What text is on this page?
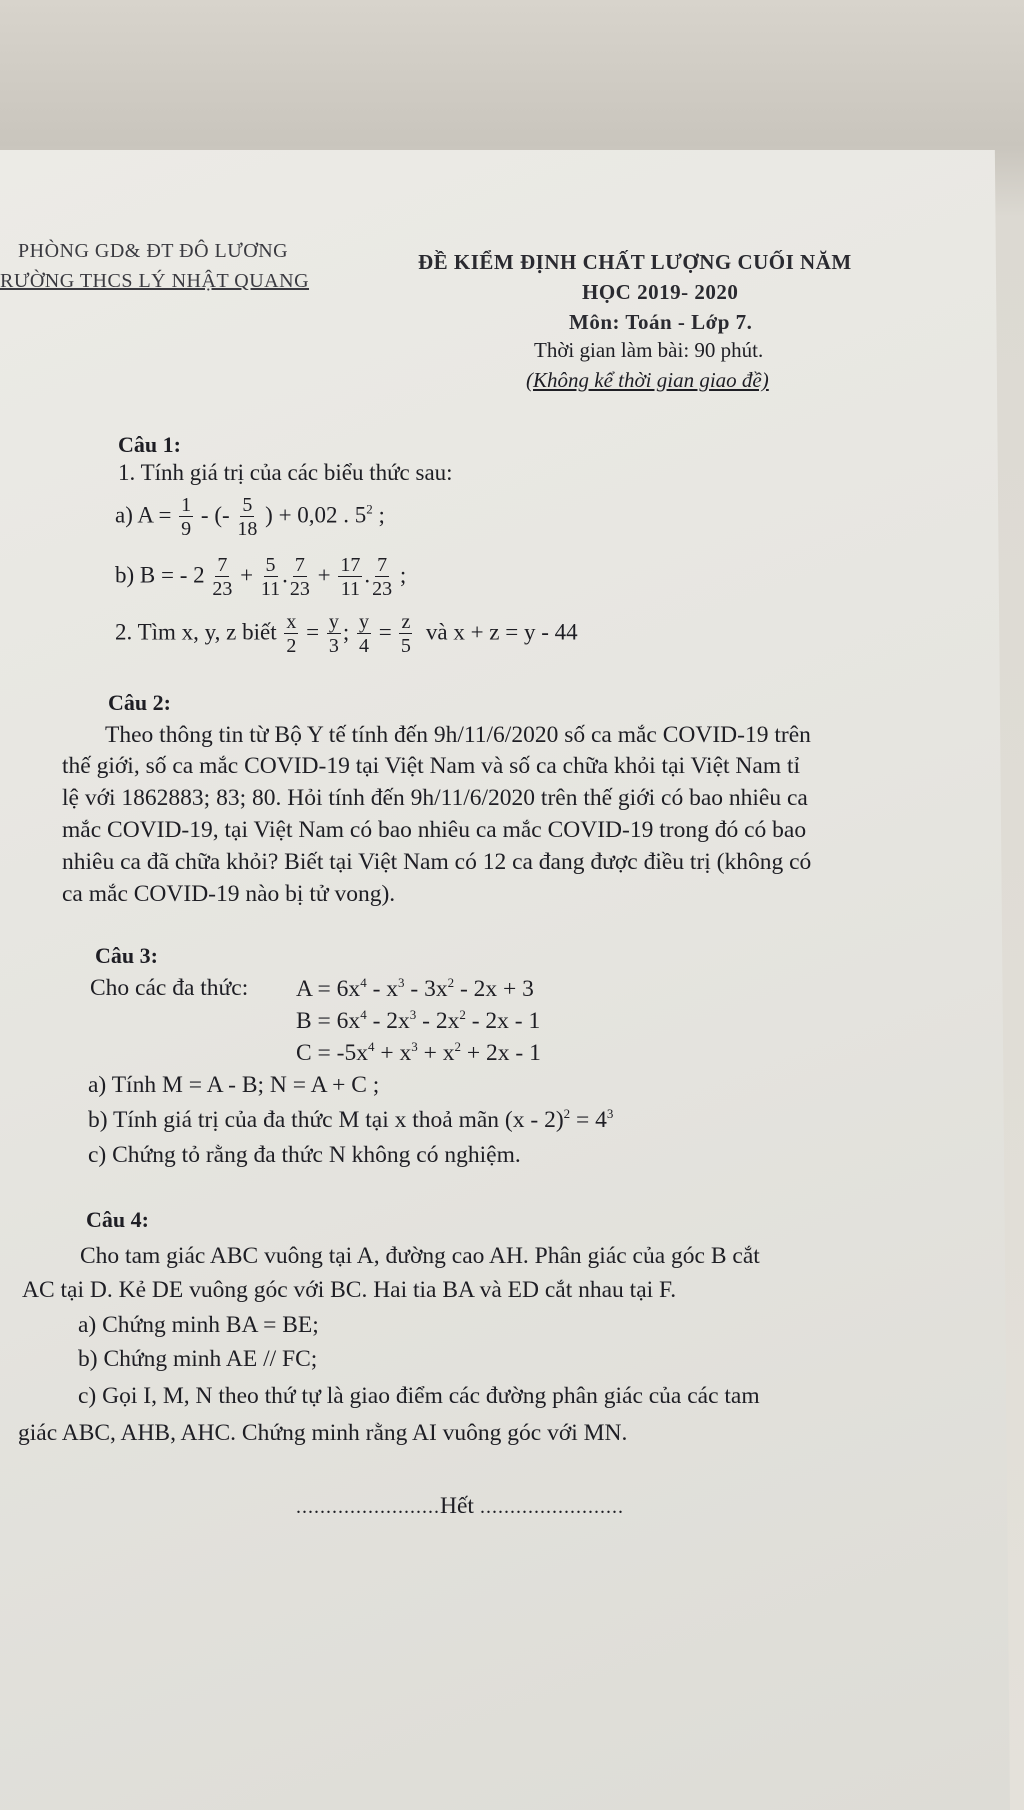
PHÒNG GD& ĐT ĐÔ LƯƠNG
RƯỜNG THCS LÝ NHẬT QUANG
ĐỀ KIỂM ĐỊNH CHẤT LƯỢNG CUỐI NĂM
HỌC 2019- 2020
Môn: Toán - Lớp 7.
Thời gian làm bài: 90 phút.
(Không kể thời gian giao đề)
Câu 1:
1. Tính giá trị của các biểu thức sau:
a) $A = \frac{1}{9}$ - (- $\frac{5}{18}$ ) + 0,02 . $5^2$ ;
b) B = - $2 \frac{7}{23} + \frac{5}{11}$ . $\frac{7}{23} + \frac{17}{11}$ . $\frac{7}{23}$ ;
2. Tìm x, y, z biết $\frac{x}{2} = \frac{y}{3}$ ; $\frac{y}{4} = \frac{z}{5}$ và x + z = y - 44
Câu 2:
Theo thông tin từ Bộ Y tế tính đến 9h/11/6/2020 số ca mắc COVID-19 trên
thế giới, số ca mắc COVID-19 tại Việt Nam và số ca chữa khỏi tại Việt Nam tỉ
lệ với 1862883; 83; 80. Hỏi tính đến 9h/11/6/2020 trên thế giới có bao nhiêu ca
mắc COVID-19, tại Việt Nam có bao nhiêu ca mắc COVID-19 trong đó có bao
nhiêu ca đã chữa khỏi? Biết tại Việt Nam có 12 ca đang được điều trị (không có
ca mắc COVID-19 nào bị tử vong).
Câu 3:
Cho các đa thức: $A = 6x^4 - x^3 - 3x^2 - 2x + 3$
$B = 6x^4 - 2x^3 - 2x^2 - 2x - 1$
$C = -5x^4 + x^3 + x^2 + 2x - 1$
a) Tính M = A - B; N = A + C ;
b) Tính giá trị của đa thức M tại x thoả mãn $(x - 2)^2 = 4^3$
c) Chứng tỏ rằng đa thức N không có nghiệm.
Câu 4:
Cho tam giác ABC vuông tại A, đường cao AH. Phân giác của góc B cắt
AC tại D. Kẻ DE vuông góc với BC. Hai tia BA và ED cắt nhau tại F.
a) Chứng minh BA = BE;
b) Chứng minh AE // FC;
c) Gọi I, M, N theo thứ tự là giao điểm các đường phân giác của các tam
giác ABC, AHB, AHC. Chứng minh rằng AI vuông góc với MN.
........................Hết ........................
